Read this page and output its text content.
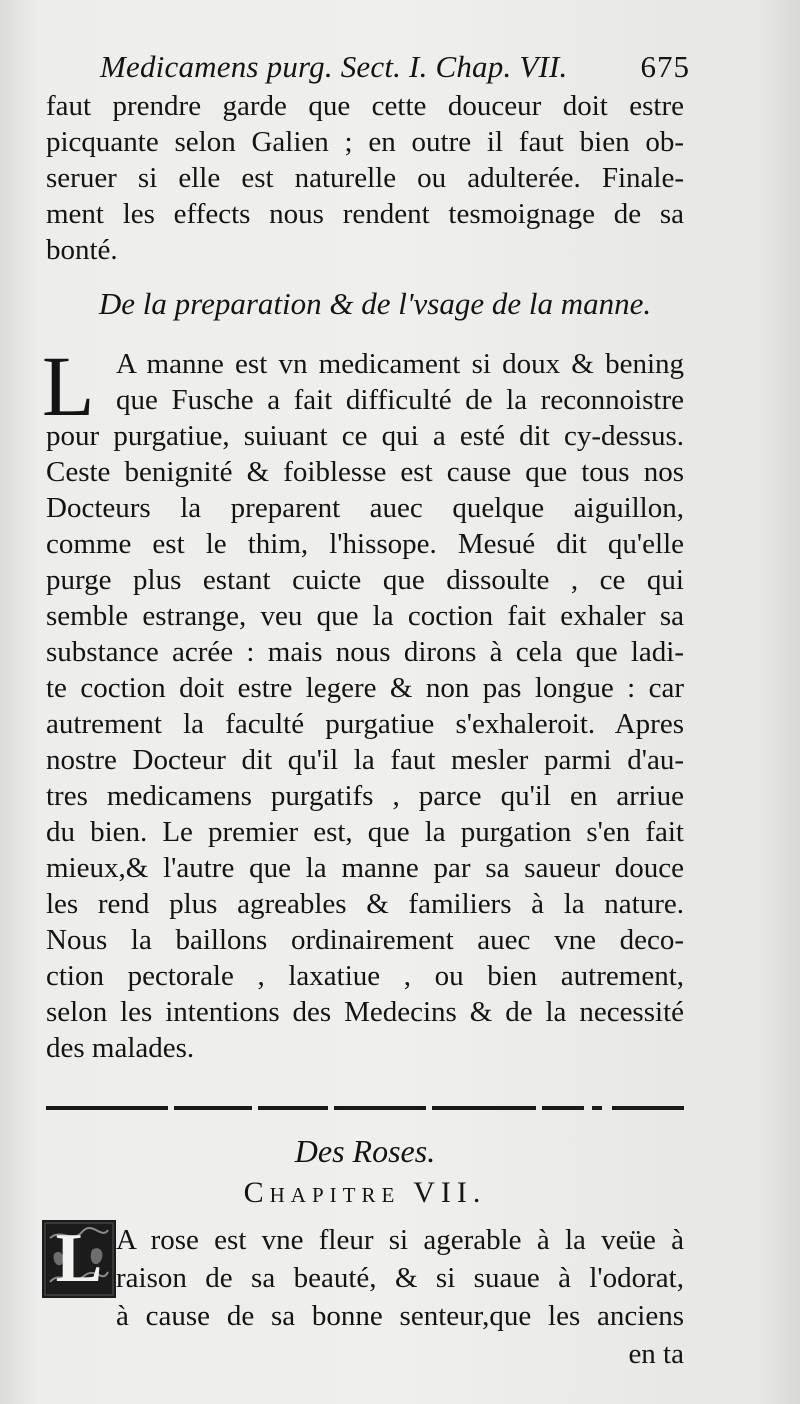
Medicamens purg. Sect. I. Chap. VII. 675
faut prendre garde que cette douceur doit estre
picquante selon Galien ; en outre il faut bien ob-
seruer si elle est naturelle ou adulterée. Finale-
ment les effects nous rendent tesmoignage de sa
bonté.
De la preparation & de l'vsage de la manne.
L A manne est vn medicament si doux & bening
que Fusche a fait difficulté de la reconnoistre
pour purgatiue, suiuant ce qui a esté dit cy-dessus.
Ceste benignité & foiblesse est cause que tous nos
Docteurs la preparent auec quelque aiguillon,
comme est le thim, l'hissope. Mesué dit qu'elle
purge plus estant cuicte que dissoulte , ce qui
semble estrange, veu que la coction fait exhaler sa
substance acrée : mais nous dirons à cela que ladi-
te coction doit estre legere & non pas longue : car
autrement la faculté purgatiue s'exhaleroit. Apres
nostre Docteur dit qu'il la faut mesler parmi d'au-
tres medicamens purgatifs , parce qu'il en arriue
du bien. Le premier est, que la purgation s'en fait
mieux,& l'autre que la manne par sa saueur douce
les rend plus agreables & familiers à la nature.
Nous la baillons ordinairement auec vne deco-
ction pectorale , laxatiue , ou bien autrement,
selon les intentions des Medecins & de la necessité
des malades.
Des Roses.
Chapitre VII.
L A rose est vne fleur si agerable à la veüe à
raison de sa beauté, & si suaue à l'odorat,
à cause de sa bonne senteur,que les anciens
en ta
